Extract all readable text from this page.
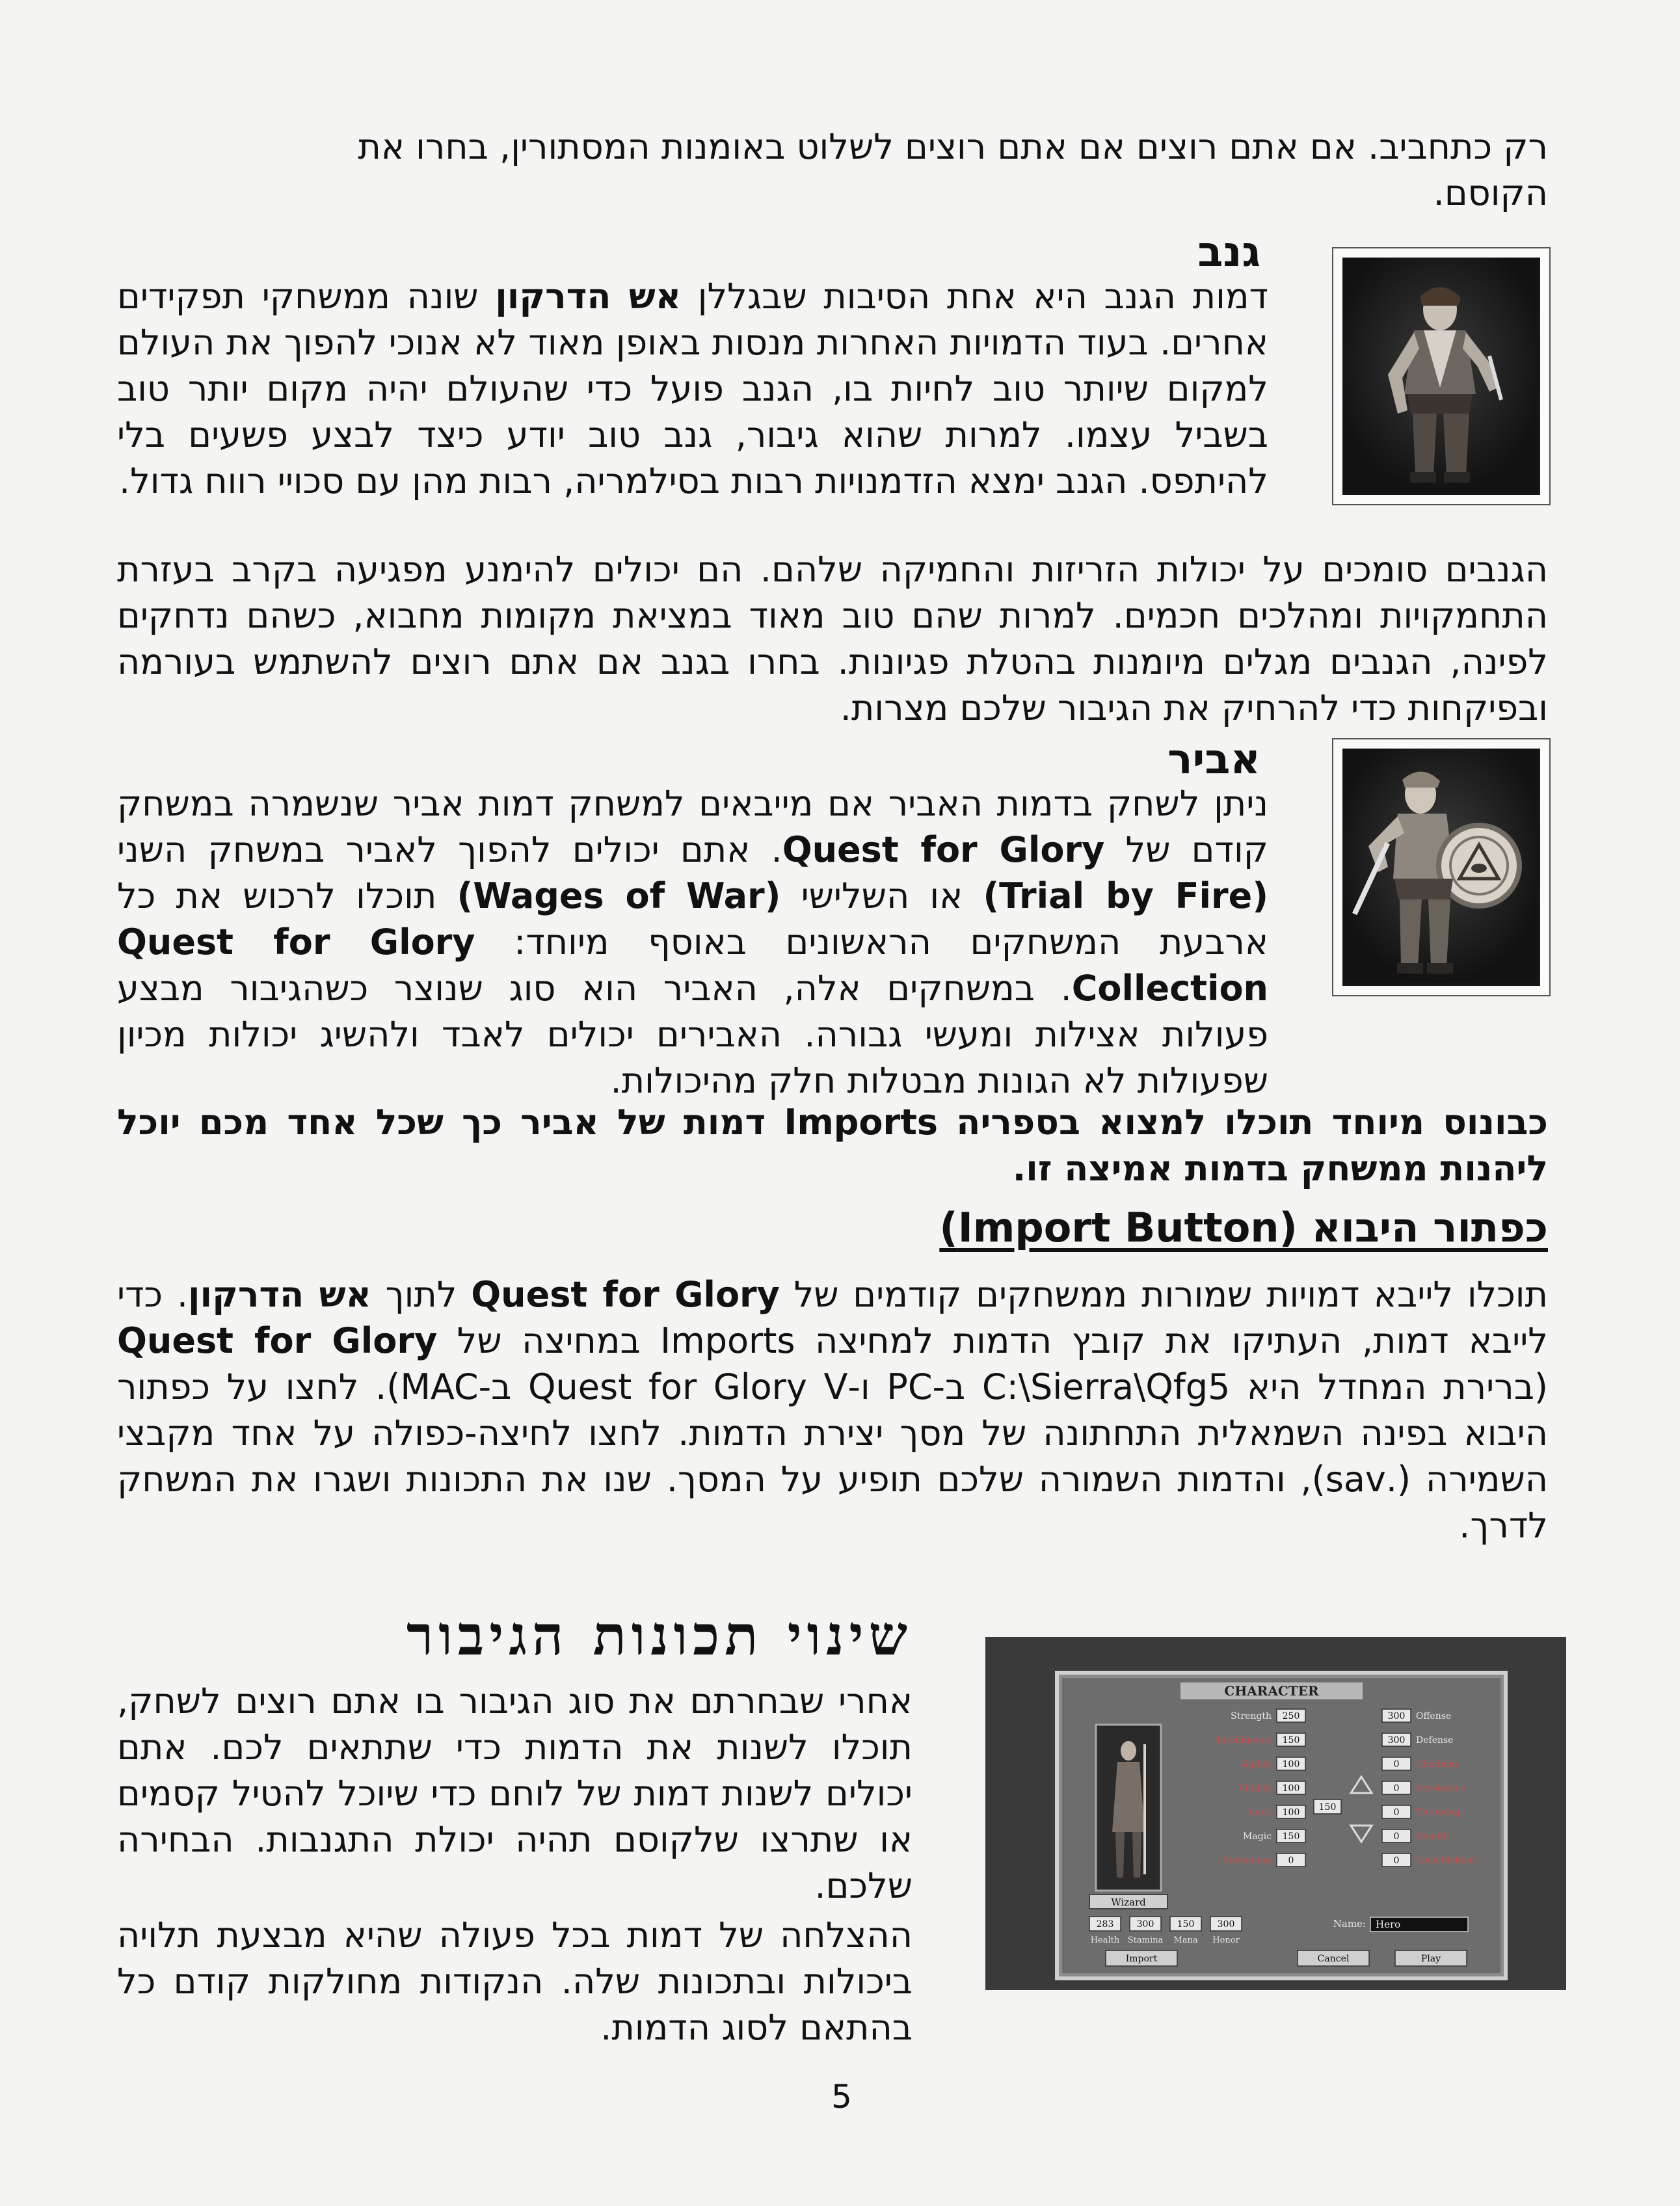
רק כתחביב. אם אתם רוצים אם אתם רוצים לשלוט באומנות המסתורין, בחרו את

הקוסם.

גנב

דמות הגנב היא אחת הסיבות שבגללן אש הדרקון שונה ממשחקי תפקידים אחרים. בעוד הדמויות האחרות מנסות באופן מאוד לא אנוכי להפוך את העולם למקום שיותר טוב לחיות בו, הגנב פועל כדי שהעולם יהיה מקום יותר טוב בשביל עצמו. למרות שהוא גיבור, גנב טוב יודע כיצד לבצע פשעים בלי להיתפס. הגנב ימצא הזדמנויות רבות בסילמריה, רבות מהן עם סכויי רווח גדול.

הגנבים סומכים על יכולות הזריזות והחמיקה שלהם. הם יכולים להימנע מפגיעה בקרב בעזרת התחמקויות ומהלכים חכמים. למרות שהם טוב מאוד במציאת מקומות מחבוא, כשהם נדחקים לפינה, הגנבים מגלים מיומנות בהטלת פגיונות. בחרו בגנב אם אתם רוצים להשתמש בעורמה ובפיקחות כדי להרחיק את הגיבור שלכם מצרות.

אביר

ניתן לשחק בדמות האביר אם מייבאים למשחק דמות אביר שנשמרה במשחק קודם של Quest for Glory. אתם יכולים להפוך לאביר במשחק השני (Trial by Fire) או השלישי (Wages of War) תוכלו לרכוש את כל ארבעת המשחקים הראשונים באוסף מיוחד: Quest for Glory Collection. במשחקים אלה, האביר הוא סוג שנוצר כשהגיבור מבצע פעולות אצילות ומעשי גבורה. האבירים יכולים לאבד ולהשיג יכולות מכיון שפעולות לא הגונות מבטלות חלק מהיכולות.

כבונוס מיוחד תוכלו למצוא בספריה Imports דמות של אביר כך שכל אחד מכם יוכל ליהנות ממשחק בדמות אמיצה זו.

כפתור היבוא (Import Button)

תוכלו לייבא דמויות שמורות ממשחקים קודמים של Quest for Glory לתוך אש הדרקון. כדי לייבא דמות, העתיקו את קובץ הדמות למחיצה Imports במחיצה של Quest for Glory (ברירת המחדל היא C:\Sierra\Qfg5 ב-PC ו-Quest for Glory V ב-MAC). לחצו על כפתור היבוא בפינה השמאלית התחתונה של מסך יצירת הדמות. לחצו לחיצה-כפולה על אחד מקבצי השמירה (.sav), והדמות השמורה שלכם תופיע על המסך. שנו את התכונות ושגרו את המשחק לדרך.

שינוי תכונות הגיבור

אחרי שבחרתם את סוג הגיבור בו אתם רוצים לשחק, תוכלו לשנות את הדמות כדי שתתאים לכם. אתם יכולים לשנות דמות של לוחם כדי שיוכל להטיל קסמים או שתרצו שלקוסם תהיה יכולת התגנבות. הבחירה שלכם.

ההצלחה של דמות בכל פעולה שהיא מבצעת תלויה ביכולות ובתכונות שלה. הנקודות מחולקות קודם כל בהתאם לסוג הדמות.

CHARACTER
Wizard
Strength 250
Intelligence 150
Agility 100
Vitality 100
Luck 100
Magic 150
Swimming 0
150
300 Offense
300 Defense
0 Climbing
0 Acrobatics
0 Throwing
0 Stealth
0 Lock Picking
283
Health
300
Stamina
150
Mana
300
Honor
Name: Hero
Import	Cancel	Play
5
